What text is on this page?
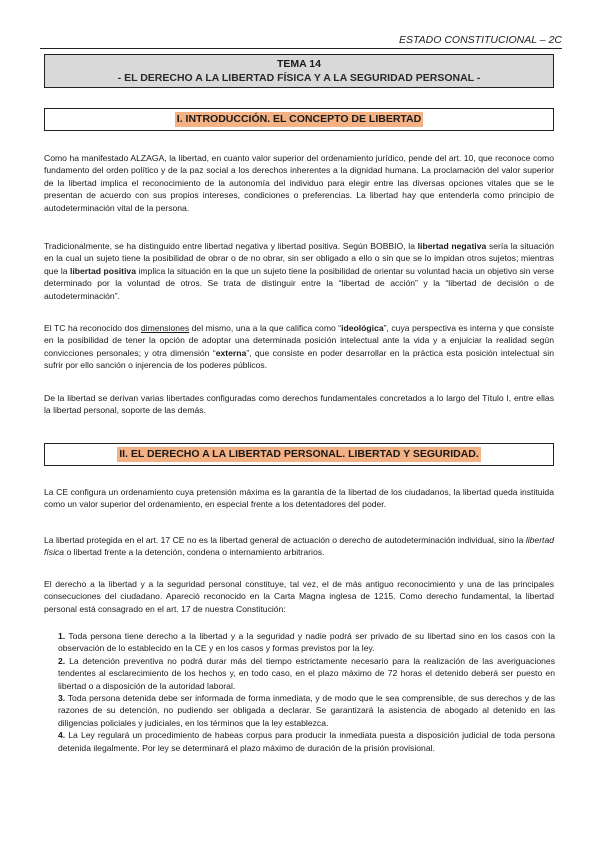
ESTADO CONSTITUCIONAL – 2C
TEMA 14
- EL DERECHO A LA LIBERTAD FÍSICA Y A LA SEGURIDAD PERSONAL -
I. INTRODUCCIÓN. EL CONCEPTO DE LIBERTAD

Como ha manifestado ALZAGA, la libertad, en cuanto valor superior del ordenamiento jurídico, pende del art. 10, que reconoce como fundamento del orden político y de la paz social a los derechos inherentes a la dignidad humana. La proclamación del valor superior de la libertad implica el reconocimiento de la autonomía del individuo para elegir entre las diversas opciones vitales que se le presentan de acuerdo con sus propios intereses, condiciones o preferencias. La libertad hay que entenderla como principio de autodeterminación vital de la persona.

Tradicionalmente, se ha distinguido entre libertad negativa y libertad positiva. Según BOBBIO, la libertad negativa sería la situación en la cual un sujeto tiene la posibilidad de obrar o de no obrar, sin ser obligado a ello o sin que se lo impidan otros sujetos; mientras que la libertad positiva implica la situación en la que un sujeto tiene la posibilidad de orientar su voluntad hacia un objetivo sin verse determinado por la voluntad de otros. Se trata de distinguir entre la “libertad de acción” y la “libertad de decisión o de autodeterminación”.

El TC ha reconocido dos dimensiones del mismo, una a la que califica como “ideológica”, cuya perspectiva es interna y que consiste en la posibilidad de tener la opción de adoptar una determinada posición intelectual ante la vida y a enjuiciar la realidad según convicciones personales; y otra dimensión “externa”, que consiste en poder desarrollar en la práctica esta posición intelectual sin sufrir por ello sanción o injerencia de los poderes públicos.

De la libertad se derivan varias libertades configuradas como derechos fundamentales concretados a lo largo del Título I, entre ellas la libertad personal, soporte de las demás.

II. EL DERECHO A LA LIBERTAD PERSONAL. LIBERTAD Y SEGURIDAD.

La CE configura un ordenamiento cuya pretensión máxima es la garantía de la libertad de los ciudadanos, la libertad queda instituida como un valor superior del ordenamiento, en especial frente a los detentadores del poder.

La libertad protegida en el art. 17 CE no es la libertad general de actuación o derecho de autodeterminación individual, sino la libertad física o libertad frente a la detención, condena o internamiento arbitrarios.

El derecho a la libertad y a la seguridad personal constituye, tal vez, el de más antiguo reconocimiento y una de las principales consecuciones del ciudadano. Apareció reconocido en la Carta Magna inglesa de 1215. Como derecho fundamental, la libertad personal está consagrado en el art. 17 de nuestra Constitución:

1. Toda persona tiene derecho a la libertad y a la seguridad y nadie podrá ser privado de su libertad sino en los casos con la observación de lo establecido en la CE y en los casos y formas previstos por la ley.
2. La detención preventiva no podrá durar más del tiempo estrictamente necesario para la realización de las averiguaciones tendentes al esclarecimiento de los hechos y, en todo caso, en el plazo máximo de 72 horas el detenido deberá ser puesto en libertad o a disposición de la autoridad laboral.
3. Toda persona detenida debe ser informada de forma inmediata, y de modo que le sea comprensible, de sus derechos y de las razones de su detención, no pudiendo ser obligada a declarar. Se garantizará la asistencia de abogado al detenido en las diligencias policiales y judiciales, en los términos que la ley establezca.
4. La Ley regulará un procedimiento de habeas corpus para producir la inmediata puesta a disposición judicial de toda persona detenida ilegalmente. Por ley se determinará el plazo máximo de duración de la prisión provisional.
